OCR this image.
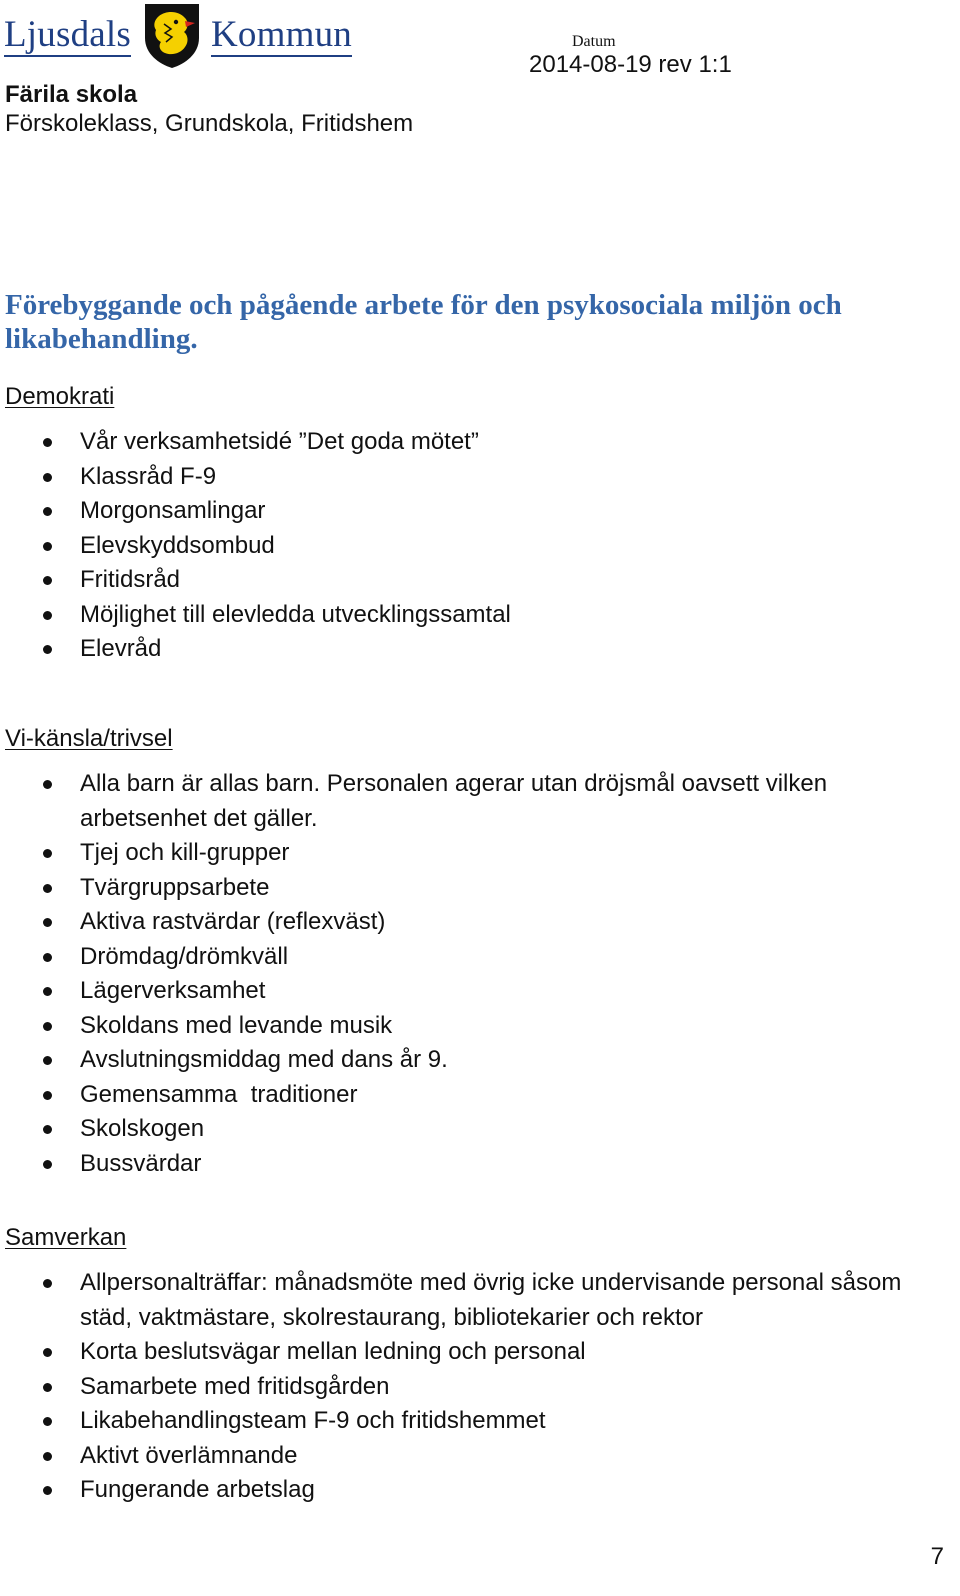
Ljusdals Kommun	Datum
2014-08-19 rev 1:1
Färila skola
Förskoleklass, Grundskola, Fritidshem
Förebyggande och pågående arbete för den psykosociala miljön och likabehandling.
Demokrati
Vår verksamhetsidé ”Det goda mötet”
Klassråd F-9
Morgonsamlingar
Elevskyddsombud
Fritidsråd
Möjlighet till elevledda utvecklingssamtal
Elevråd
Vi-känsla/trivsel
Alla barn är allas barn. Personalen agerar utan dröjsmål oavsett vilken arbetsenhet det gäller.
Tjej och kill-grupper
Tvärgruppsarbete
Aktiva rastvärdar (reflexväst)
Drömdag/drömkväll
Lägerverksamhet
Skoldans med levande musik
Avslutningsmiddag med dans år 9.
Gemensamma  traditioner
Skolskogen
Bussvärdar
Samverkan
Allpersonalträffar: månadsmöte med övrig icke undervisande personal såsom städ, vaktmästare, skolrestaurang, bibliotekarier och rektor
Korta beslutsvägar mellan ledning och personal
Samarbete med fritidsgården
Likabehandlingsteam F-9 och fritidshemmet
Aktivt överlämnande
Fungerande arbetslag
7
